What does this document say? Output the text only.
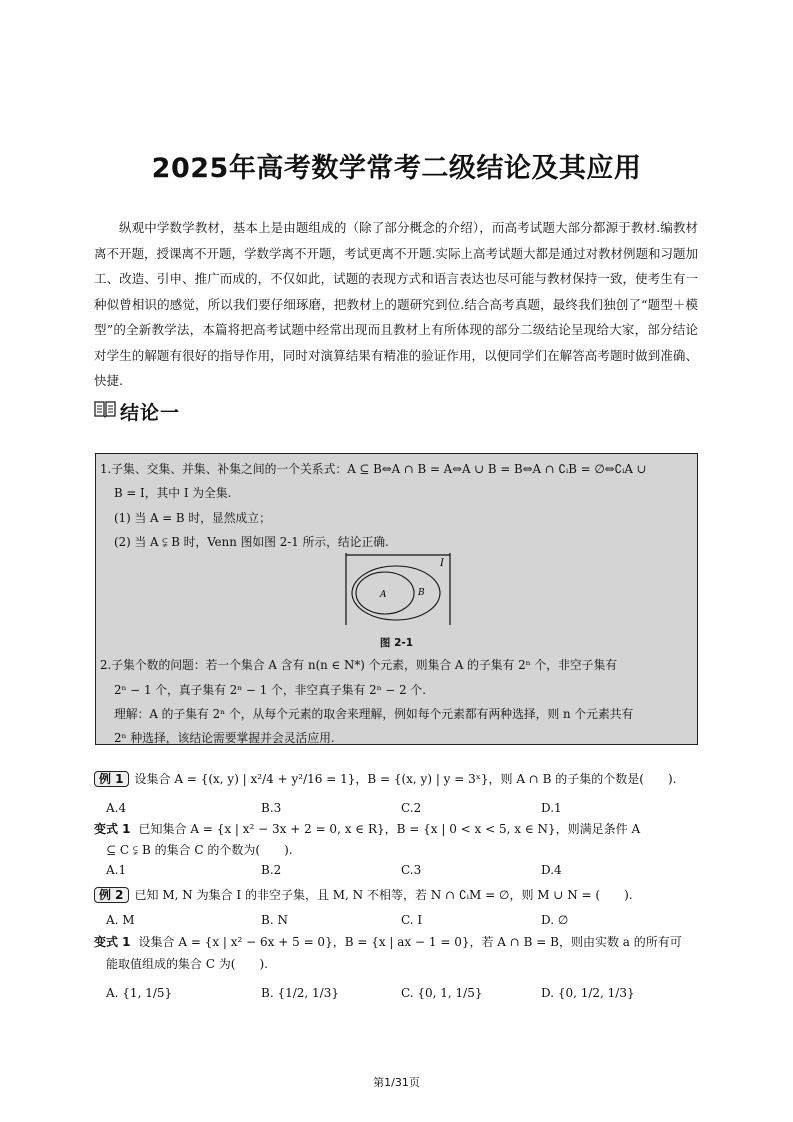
2025年高考数学常考二级结论及其应用

纵观中学数学教材，基本上是由题组成的（除了部分概念的介绍），而高考试题大部分都源于教材.编教材离不开题，授课离不开题，学数学离不开题，考试更离不开题.实际上高考试题大都是通过对教材例题和习题加工、改造、引申、推广而成的，不仅如此，试题的表现方式和语言表达也尽可能与教材保持一致，使考生有一种似曾相识的感觉，所以我们要仔细琢磨，把教材上的题研究到位.结合高考真题，最终我们独创了“题型＋模型”的全新教学法，本篇将把高考试题中经常出现而且教材上有所体现的部分二级结论呈现给大家，部分结论对学生的解题有很好的指导作用，同时对演算结果有精准的验证作用，以便同学们在解答高考题时做到准确、快捷.

结论一
1.子集、交集、并集、补集之间的一个关系式：A ⊆ B⇔A ∩ B = A⇔A ∪ B = B⇔A ∩ ∁ᵢB = ∅⇔∁ᵢA ∪
B = I，其中 I 为全集.
(1) 当 A = B 时，显然成立；
(2) 当 A ⫋ B 时，Venn 图如图 2-1 所示，结论正确.
I
A	B
图 2-1
2.子集个数的问题：若一个集合 A 含有 n(n ∈ N*) 个元素，则集合 A 的子集有 2ⁿ 个，非空子集有
2ⁿ − 1 个，真子集有 2ⁿ − 1 个，非空真子集有 2ⁿ − 2 个.
理解：A 的子集有 2ⁿ 个，从每个元素的取舍来理解，例如每个元素都有两种选择，则 n 个元素共有
2ⁿ 种选择，该结论需要掌握并会灵活应用.
例 1 设集合 A = {(x, y) | x²/4 + y²/16 = 1}，B = {(x, y) | y = 3ˣ}，则 A ∩ B 的子集的个数是(　　).
A.4	B.3	C.2	D.1
变式 1 已知集合 A = {x | x² − 3x + 2 = 0, x ∈ R}，B = {x | 0 < x < 5, x ∈ N}，则满足条件 A
⊆ C ⫋ B 的集合 C 的个数为(　　).
A.1	B.2	C.3	D.4
例 2 已知 M, N 为集合 I 的非空子集，且 M, N 不相等，若 N ∩ ∁ᵢM = ∅，则 M ∪ N = (　　).
A. M	B. N	C. I	D. ∅
变式 1 设集合 A = {x | x² − 6x + 5 = 0}，B = {x | ax − 1 = 0}，若 A ∩ B = B，则由实数 a 的所有可
能取值组成的集合 C 为(　　).
A. {1, 1/5}	B. {1/2, 1/3}	C. {0, 1, 1/5}	D. {0, 1/2, 1/3}
第1/31页
